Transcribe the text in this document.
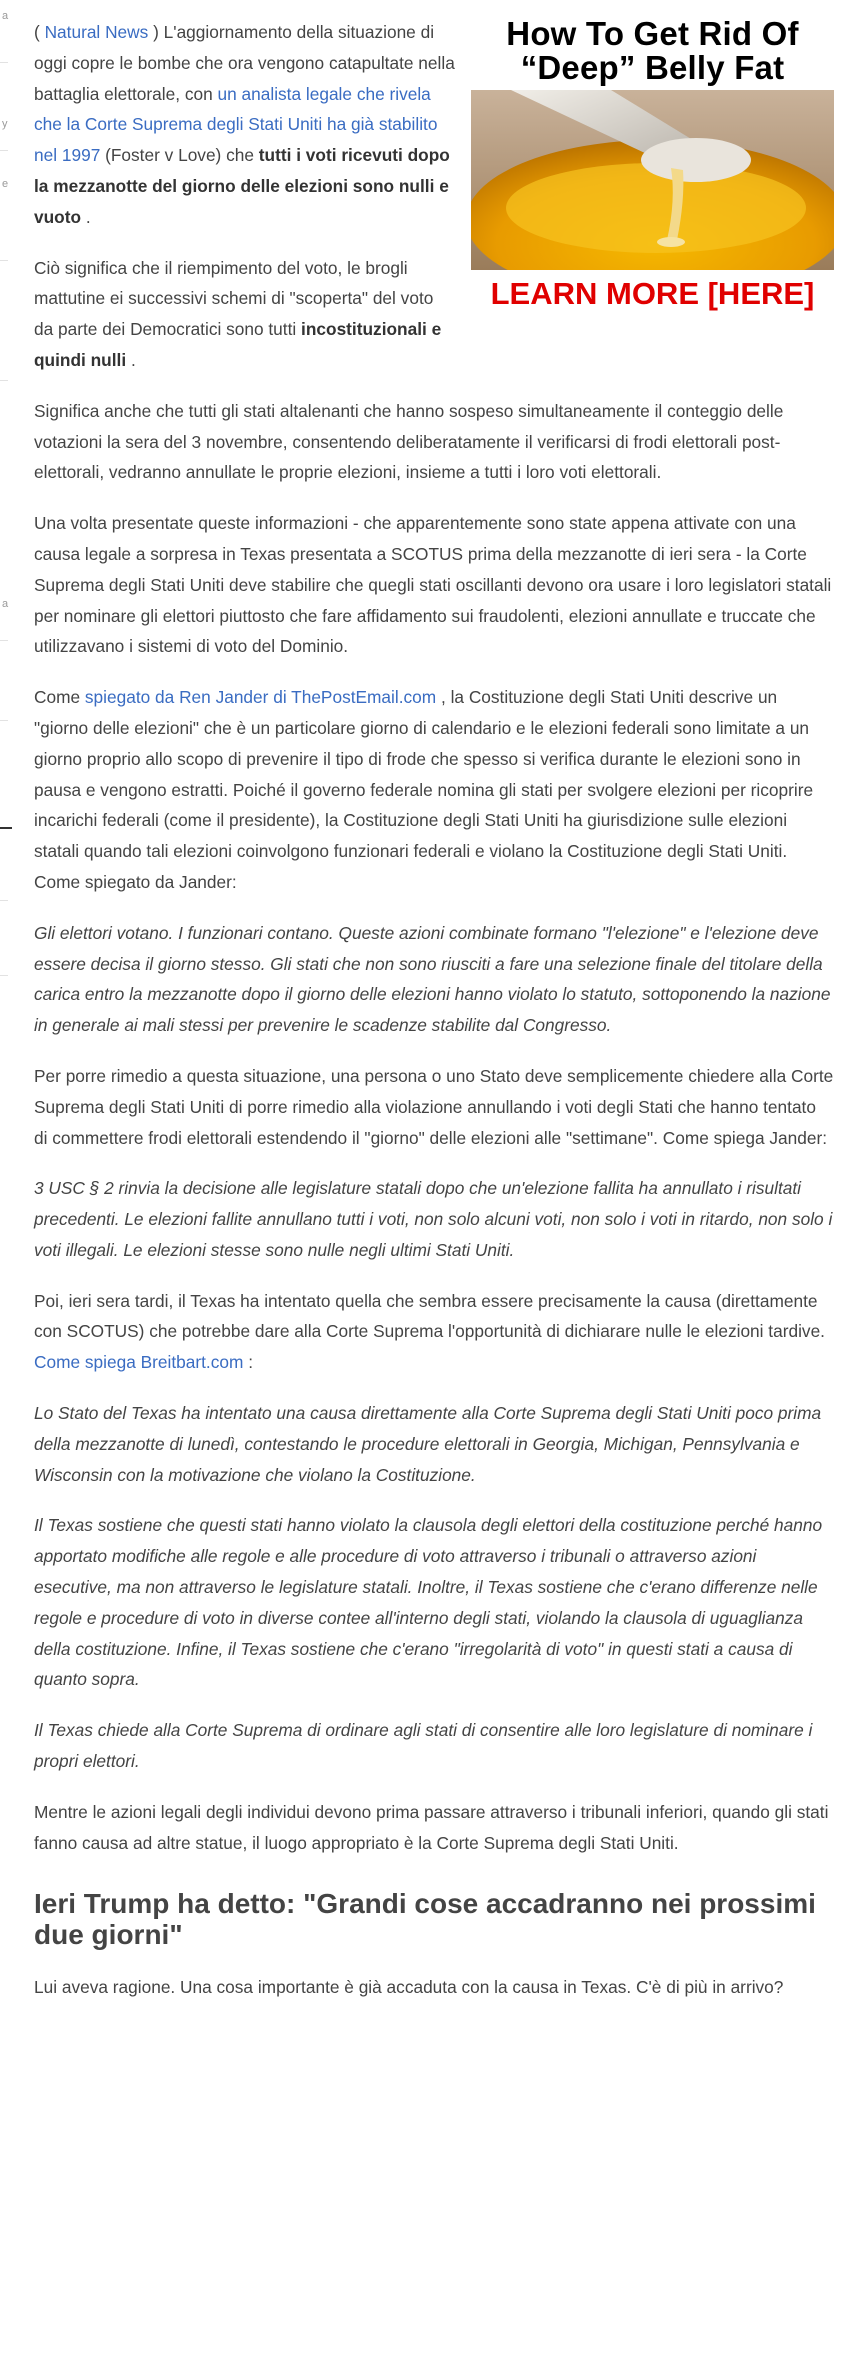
a
y
e
a
How To Get Rid Of
“Deep” Belly Fat
LEARN MORE [HERE]

( Natural News ) L'aggiornamento della situazione di oggi copre le bombe che ora vengono catapultate nella battaglia elettorale, con un analista legale che rivela che la Corte Suprema degli Stati Uniti ha già stabilito nel 1997 (Foster v Love) che tutti i voti ricevuti dopo la mezzanotte del giorno delle elezioni sono nulli e vuoto .

Ciò significa che il riempimento del voto, le brogli mattutine ei successivi schemi di "scoperta" del voto da parte dei Democratici sono tutti incostituzionali e quindi nulli .

Significa anche che tutti gli stati altalenanti che hanno sospeso simultaneamente il conteggio delle votazioni la sera del 3 novembre, consentendo deliberatamente il verificarsi di frodi elettorali post-elettorali, vedranno annullate le proprie elezioni, insieme a tutti i loro voti elettorali.

Una volta presentate queste informazioni - che apparentemente sono state appena attivate con una causa legale a sorpresa in Texas presentata a SCOTUS prima della mezzanotte di ieri sera - la Corte Suprema degli Stati Uniti deve stabilire che quegli stati oscillanti devono ora usare i loro legislatori statali per nominare gli elettori piuttosto che fare affidamento sui fraudolenti, elezioni annullate e truccate che utilizzavano i sistemi di voto del Dominio.

Come spiegato da Ren Jander di ThePostEmail.com , la Costituzione degli Stati Uniti descrive un "giorno delle elezioni" che è un particolare giorno di calendario e le elezioni federali sono limitate a un giorno proprio allo scopo di prevenire il tipo di frode che spesso si verifica durante le elezioni sono in pausa e vengono estratti. Poiché il governo federale nomina gli stati per svolgere elezioni per ricoprire incarichi federali (come il presidente), la Costituzione degli Stati Uniti ha giurisdizione sulle elezioni statali quando tali elezioni coinvolgono funzionari federali e violano la Costituzione degli Stati Uniti. Come spiegato da Jander:

Gli elettori votano. I funzionari contano. Queste azioni combinate formano "l'elezione" e l'elezione deve essere decisa il giorno stesso. Gli stati che non sono riusciti a fare una selezione finale del titolare della carica entro la mezzanotte dopo il giorno delle elezioni hanno violato lo statuto, sottoponendo la nazione in generale ai mali stessi per prevenire le scadenze stabilite dal Congresso.

Per porre rimedio a questa situazione, una persona o uno Stato deve semplicemente chiedere alla Corte Suprema degli Stati Uniti di porre rimedio alla violazione annullando i voti degli Stati che hanno tentato di commettere frodi elettorali estendendo il "giorno" delle elezioni alle "settimane". Come spiega Jander:

3 USC § 2 rinvia la decisione alle legislature statali dopo che un'elezione fallita ha annullato i risultati precedenti. Le elezioni fallite annullano tutti i voti, non solo alcuni voti, non solo i voti in ritardo, non solo i voti illegali. Le elezioni stesse sono nulle negli ultimi Stati Uniti.

Poi, ieri sera tardi, il Texas ha intentato quella che sembra essere precisamente la causa (direttamente con SCOTUS) che potrebbe dare alla Corte Suprema l'opportunità di dichiarare nulle le elezioni tardive. Come spiega Breitbart.com :

Lo Stato del Texas ha intentato una causa direttamente alla Corte Suprema degli Stati Uniti poco prima della mezzanotte di lunedì, contestando le procedure elettorali in Georgia, Michigan, Pennsylvania e Wisconsin con la motivazione che violano la Costituzione.

Il Texas sostiene che questi stati hanno violato la clausola degli elettori della costituzione perché hanno apportato modifiche alle regole e alle procedure di voto attraverso i tribunali o attraverso azioni esecutive, ma non attraverso le legislature statali. Inoltre, il Texas sostiene che c'erano differenze nelle regole e procedure di voto in diverse contee all'interno degli stati, violando la clausola di uguaglianza della costituzione. Infine, il Texas sostiene che c'erano "irregolarità di voto" in questi stati a causa di quanto sopra.

Il Texas chiede alla Corte Suprema di ordinare agli stati di consentire alle loro legislature di nominare i propri elettori.

Mentre le azioni legali degli individui devono prima passare attraverso i tribunali inferiori, quando gli stati fanno causa ad altre statue, il luogo appropriato è la Corte Suprema degli Stati Uniti.

Ieri Trump ha detto: "Grandi cose accadranno nei prossimi due giorni"

Lui aveva ragione. Una cosa importante è già accaduta con la causa in Texas. C'è di più in arrivo?
